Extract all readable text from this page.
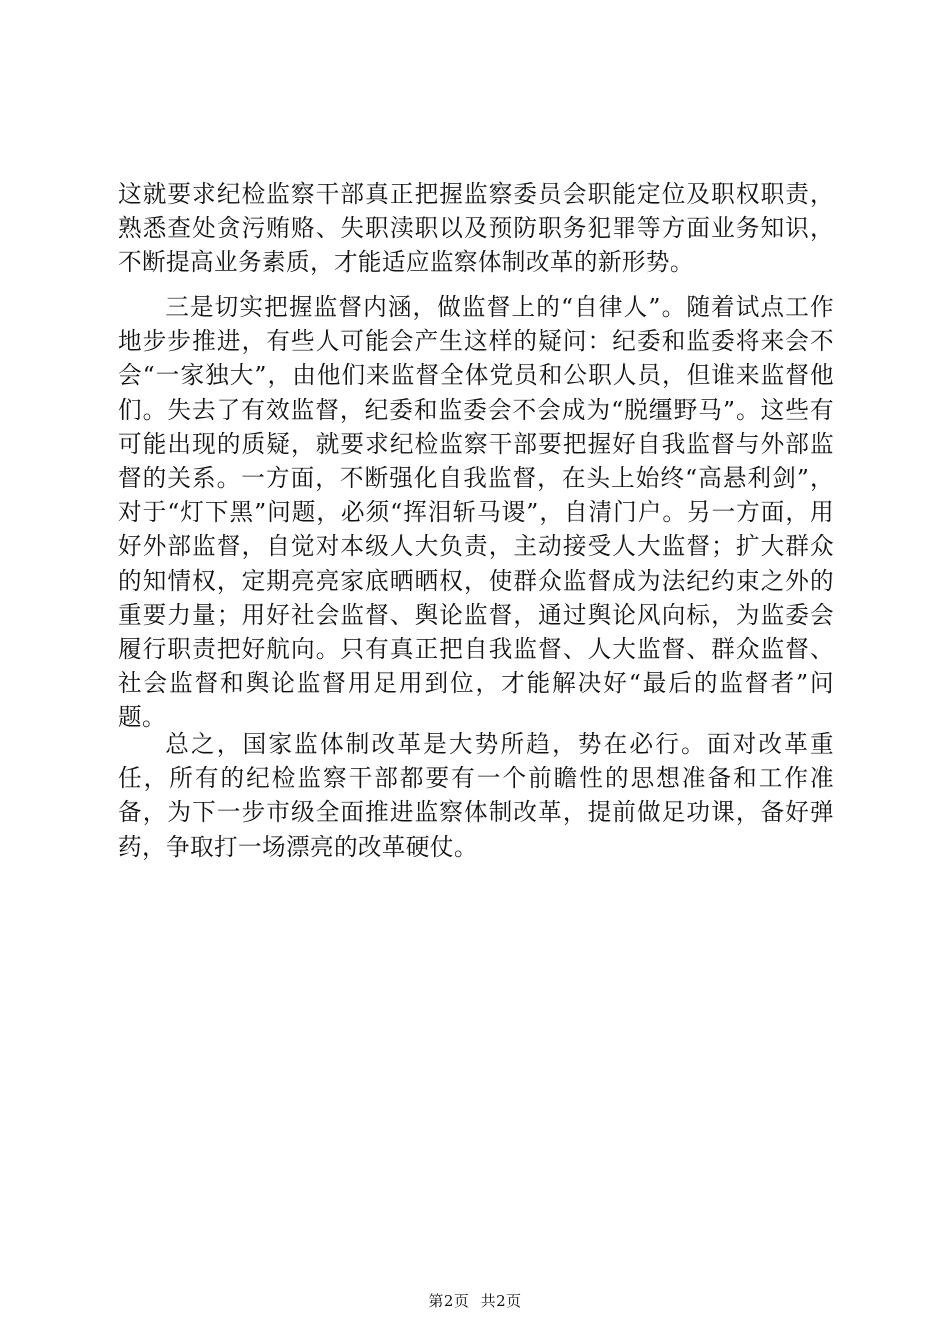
这就要求纪检监察干部真正把握监察委员会职能定位及职权职责，熟悉查处贪污贿赂、失职渎职以及预防职务犯罪等方面业务知识，不断提高业务素质，才能适应监察体制改革的新形势。

三是切实把握监督内涵，做监督上的“自律人”。随着试点工作地步步推进，有些人可能会产生这样的疑问：纪委和监委将来会不会“一家独大”，由他们来监督全体党员和公职人员，但谁来监督他们。失去了有效监督，纪委和监委会不会成为“脱缰野马”。这些有可能出现的质疑，就要求纪检监察干部要把握好自我监督与外部监督的关系。一方面，不断强化自我监督，在头上始终“高悬利剑”，对于“灯下黑”问题，必须“挥泪斩马谡”，自清门户。另一方面，用好外部监督，自觉对本级人大负责，主动接受人大监督；扩大群众的知情权，定期亮亮家底晒晒权，使群众监督成为法纪约束之外的重要力量；用好社会监督、舆论监督，通过舆论风向标，为监委会履行职责把好航向。只有真正把自我监督、人大监督、群众监督、社会监督和舆论监督用足用到位，才能解决好“最后的监督者”问题。

总之，国家监体制改革是大势所趋，势在必行。面对改革重任，所有的纪检监察干部都要有一个前瞻性的思想准备和工作准备，为下一步市级全面推进监察体制改革，提前做足功课，备好弹药，争取打一场漂亮的改革硬仗。

第2页 共2页
